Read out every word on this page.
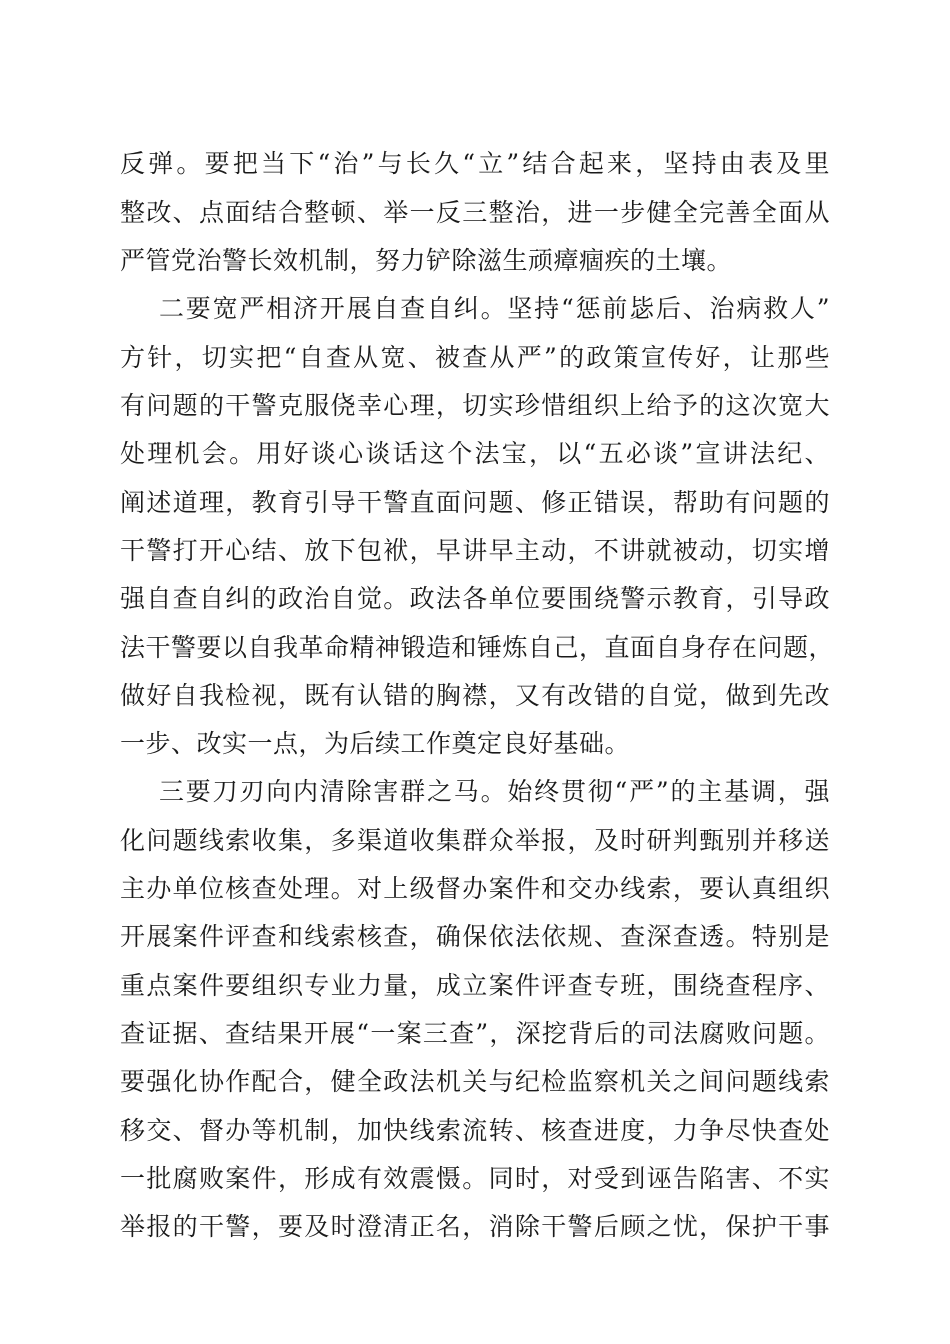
反弹。要把当下“治”与长久“立”结合起来，坚持由表及里
整改、点面结合整顿、举一反三整治，进一步健全完善全面从
严管党治警长效机制，努力铲除滋生顽瘴痼疾的土壤。
二要宽严相济开展自查自纠。坚持“惩前毖后、治病救人”
方针，切实把“自查从宽、被查从严”的政策宣传好，让那些
有问题的干警克服侥幸心理，切实珍惜组织上给予的这次宽大
处理机会。用好谈心谈话这个法宝，以“五必谈”宣讲法纪、
阐述道理，教育引导干警直面问题、修正错误，帮助有问题的
干警打开心结、放下包袱，早讲早主动，不讲就被动，切实增
强自查自纠的政治自觉。政法各单位要围绕警示教育，引导政
法干警要以自我革命精神锻造和锤炼自己，直面自身存在问题，
做好自我检视，既有认错的胸襟，又有改错的自觉，做到先改
一步、改实一点，为后续工作奠定良好基础。
三要刀刃向内清除害群之马。始终贯彻“严”的主基调，强
化问题线索收集，多渠道收集群众举报，及时研判甄别并移送
主办单位核查处理。对上级督办案件和交办线索，要认真组织
开展案件评查和线索核查，确保依法依规、查深查透。特别是
重点案件要组织专业力量，成立案件评查专班，围绕查程序、
查证据、查结果开展“一案三查”，深挖背后的司法腐败问题。
要强化协作配合，健全政法机关与纪检监察机关之间问题线索
移交、督办等机制，加快线索流转、核查进度，力争尽快查处
一批腐败案件，形成有效震慑。同时，对受到诬告陷害、不实
举报的干警，要及时澄清正名，消除干警后顾之忧，保护干事
